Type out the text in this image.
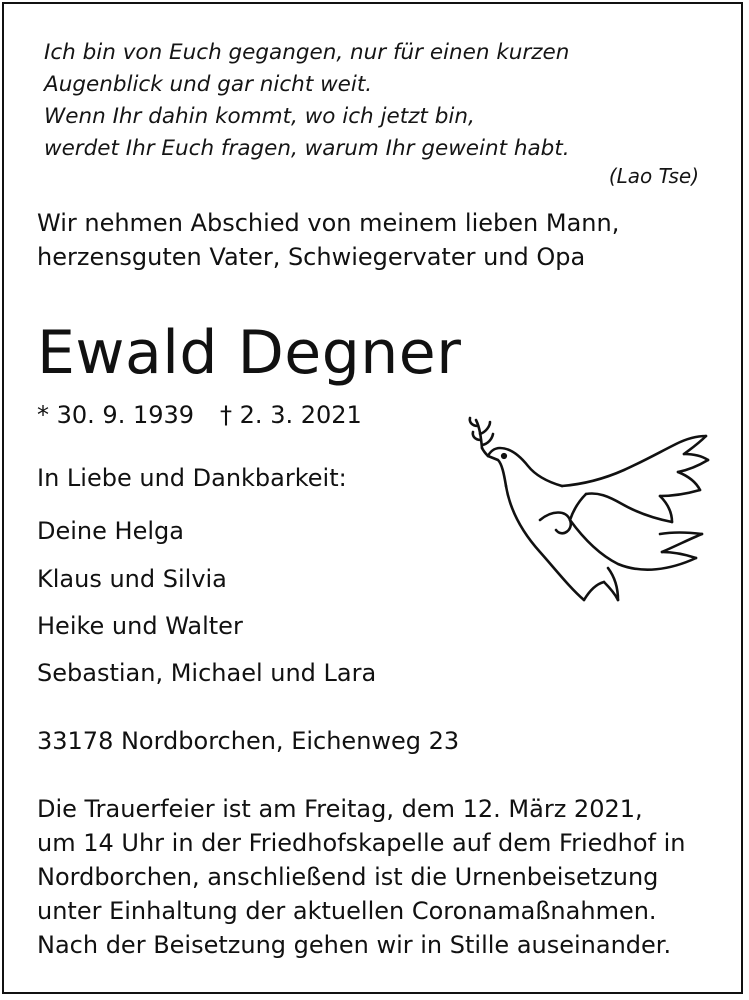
Ich bin von Euch gegangen, nur für einen kurzen
Augenblick und gar nicht weit.
Wenn Ihr dahin kommt, wo ich jetzt bin,
werdet Ihr Euch fragen, warum Ihr geweint habt.
(Lao Tse)
Wir nehmen Abschied von meinem lieben Mann,
herzensguten Vater, Schwiegervater und Opa
Ewald Degner
* 30. 9. 1939 † 2. 3. 2021
In Liebe und Dankbarkeit:
Deine Helga
Klaus und Silvia
Heike und Walter
Sebastian, Michael und Lara
33178 Nordborchen, Eichenweg 23
Die Trauerfeier ist am Freitag, dem 12. März 2021,
um 14 Uhr in der Friedhofskapelle auf dem Friedhof in
Nordborchen, anschließend ist die Urnenbeisetzung
unter Einhaltung der aktuellen Coronamaßnahmen.
Nach der Beisetzung gehen wir in Stille auseinander.
